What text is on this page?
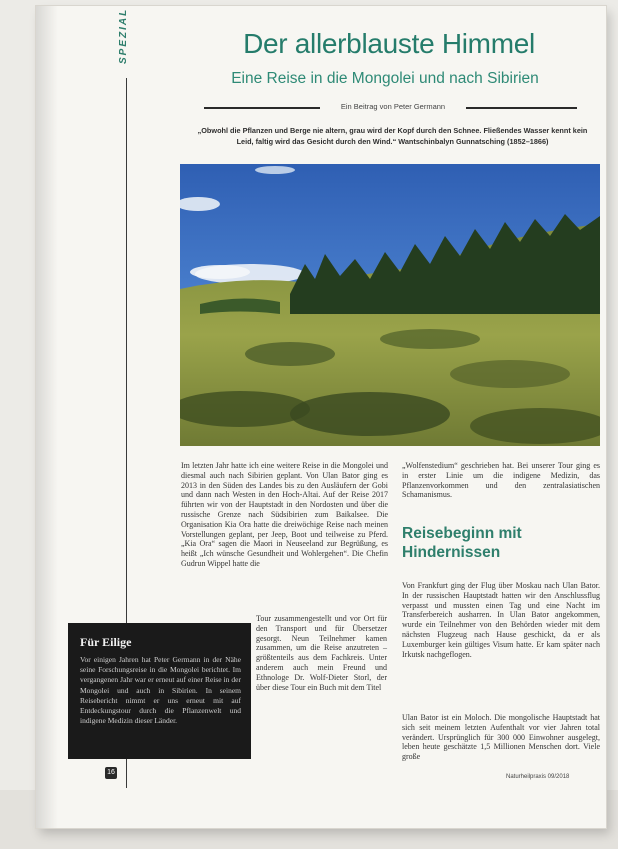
SPEZIAL	Der allerblauste Himmel
Eine Reise in die Mongolei und nach Sibirien
Ein Beitrag von Peter Germann
„Obwohl die Pflanzen und Berge nie altern, grau wird der Kopf durch den Schnee. Fließendes Wasser kennt kein Leid, faltig wird das Gesicht durch den Wind.“ Wantschinbalyn Gunnatsching (1852–1866)

Im letzten Jahr hatte ich eine weitere Reise in die Mongolei und diesmal auch nach Sibirien geplant. Von Ulan Bator ging es 2013 in den Süden des Landes bis zu den Ausläufern der Gobi und dann nach Westen in den Hoch-Altai. Auf der Reise 2017 führten wir von der Hauptstadt in den Nordosten und über die russische Grenze nach Südsibirien zum Baikalsee. Die Organisation Kia Ora hatte die dreiwöchige Reise nach meinen Vorstellungen geplant, per Jeep, Boot und teilweise zu Pferd. „Kia Ora“ sagen die Maori in Neuseeland zur Begrüßung, es heißt „Ich wünsche Gesundheit und Wohlergehen“. Die Chefin Gudrun Wippel hatte die

Für Eilige
Vor einigen Jahren hat Peter Germann in der Nähe seine Forschungsreise in die Mongolei berichtet. Im vergangenen Jahr war er erneut auf einer Reise in der Mongolei und auch in Sibirien. In seinem Reisebericht nimmt er uns erneut mit auf Entdeckungstour durch die Pflanzenwelt und indigene Medizin dieser Länder.

Tour zusammengestellt und vor Ort für den Transport und für Übersetzer gesorgt. Neun Teilnehmer kamen zusammen, um die Reise anzutreten – größtenteils aus dem Fachkreis. Unter anderem auch mein Freund und Ethnologe Dr. Wolf-Dieter Storl, der über diese Tour ein Buch mit dem Titel

„Wolfenstedium“ geschrieben hat. Bei unserer Tour ging es in erster Linie um die indigene Medizin, das Pflanzenvorkommen und den zentralasiatischen Schamanismus.

Reisebeginn mit Hindernissen

Von Frankfurt ging der Flug über Moskau nach Ulan Bator. In der russischen Hauptstadt hatten wir den Anschlussflug verpasst und mussten einen Tag und eine Nacht im Transferbereich ausharren. In Ulan Bator angekommen, wurde ein Teilnehmer von den Behörden wieder mit dem nächsten Flugzeug nach Hause geschickt, da er als Luxemburger kein gültiges Visum hatte. Er kam später nach Irkutsk nachgeflogen.

Ulan Bator ist ein Moloch. Die mongolische Hauptstadt hat sich seit meinem letzten Aufenthalt vor vier Jahren total verändert. Ursprünglich für 300 000 Einwohner ausgelegt, leben heute geschätzte 1,5 Millionen Menschen dort. Viele große

16
Naturheilpraxis 09/2018
